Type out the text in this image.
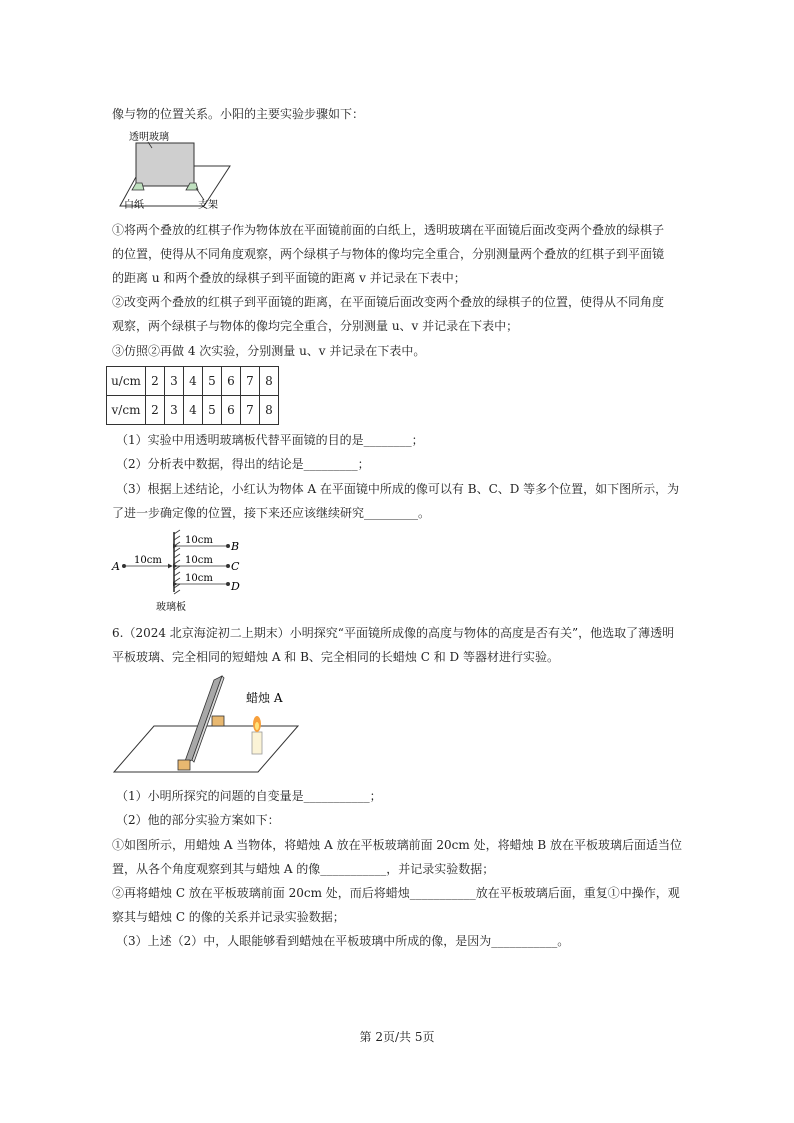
像与物的位置关系。小阳的主要实验步骤如下：
透明玻璃
白纸	支架
①将两个叠放的红棋子作为物体放在平面镜前面的白纸上，透明玻璃在平面镜后面改变两个叠放的绿棋子
的位置，使得从不同角度观察，两个绿棋子与物体的像均完全重合，分别测量两个叠放的红棋子到平面镜
的距离 u 和两个叠放的绿棋子到平面镜的距离 v 并记录在下表中；
②改变两个叠放的红棋子到平面镜的距离，在平面镜后面改变两个叠放的绿棋子的位置，使得从不同角度
观察，两个绿棋子与物体的像均完全重合，分别测量 u、v 并记录在下表中；
③仿照②再做 4 次实验，分别测量 u、v 并记录在下表中。
u/cm	2	3	4	5	6	7	8
v/cm	2	3	4	5	6	7	8
（1）实验中用透明玻璃板代替平面镜的目的是________；
（2）分析表中数据，得出的结论是_________；
（3）根据上述结论，小红认为物体 A 在平面镜中所成的像可以有 B、C、D 等多个位置，如下图所示，为
了进一步确定像的位置，接下来还应该继续研究_________。
A 10cm
B
10cm
C
10cm
D
10cm
玻璃板
6.（2024 北京海淀初二上期末）小明探究“平面镜所成像的高度与物体的高度是否有关”，他选取了薄透明
平板玻璃、完全相同的短蜡烛 A 和 B、完全相同的长蜡烛 C 和 D 等器材进行实验。
蜡烛 A
（1）小明所探究的问题的自变量是___________；
（2）他的部分实验方案如下：
①如图所示，用蜡烛 A 当物体，将蜡烛 A 放在平板玻璃前面 20cm 处，将蜡烛 B 放在平板玻璃后面适当位
置，从各个角度观察到其与蜡烛 A 的像___________，并记录实验数据；
②再将蜡烛 C 放在平板玻璃前面 20cm 处，而后将蜡烛___________放在平板玻璃后面，重复①中操作，观
察其与蜡烛 C 的像的关系并记录实验数据；
（3）上述（2）中，人眼能够看到蜡烛在平板玻璃中所成的像，是因为___________。
第 2页/共 5页
